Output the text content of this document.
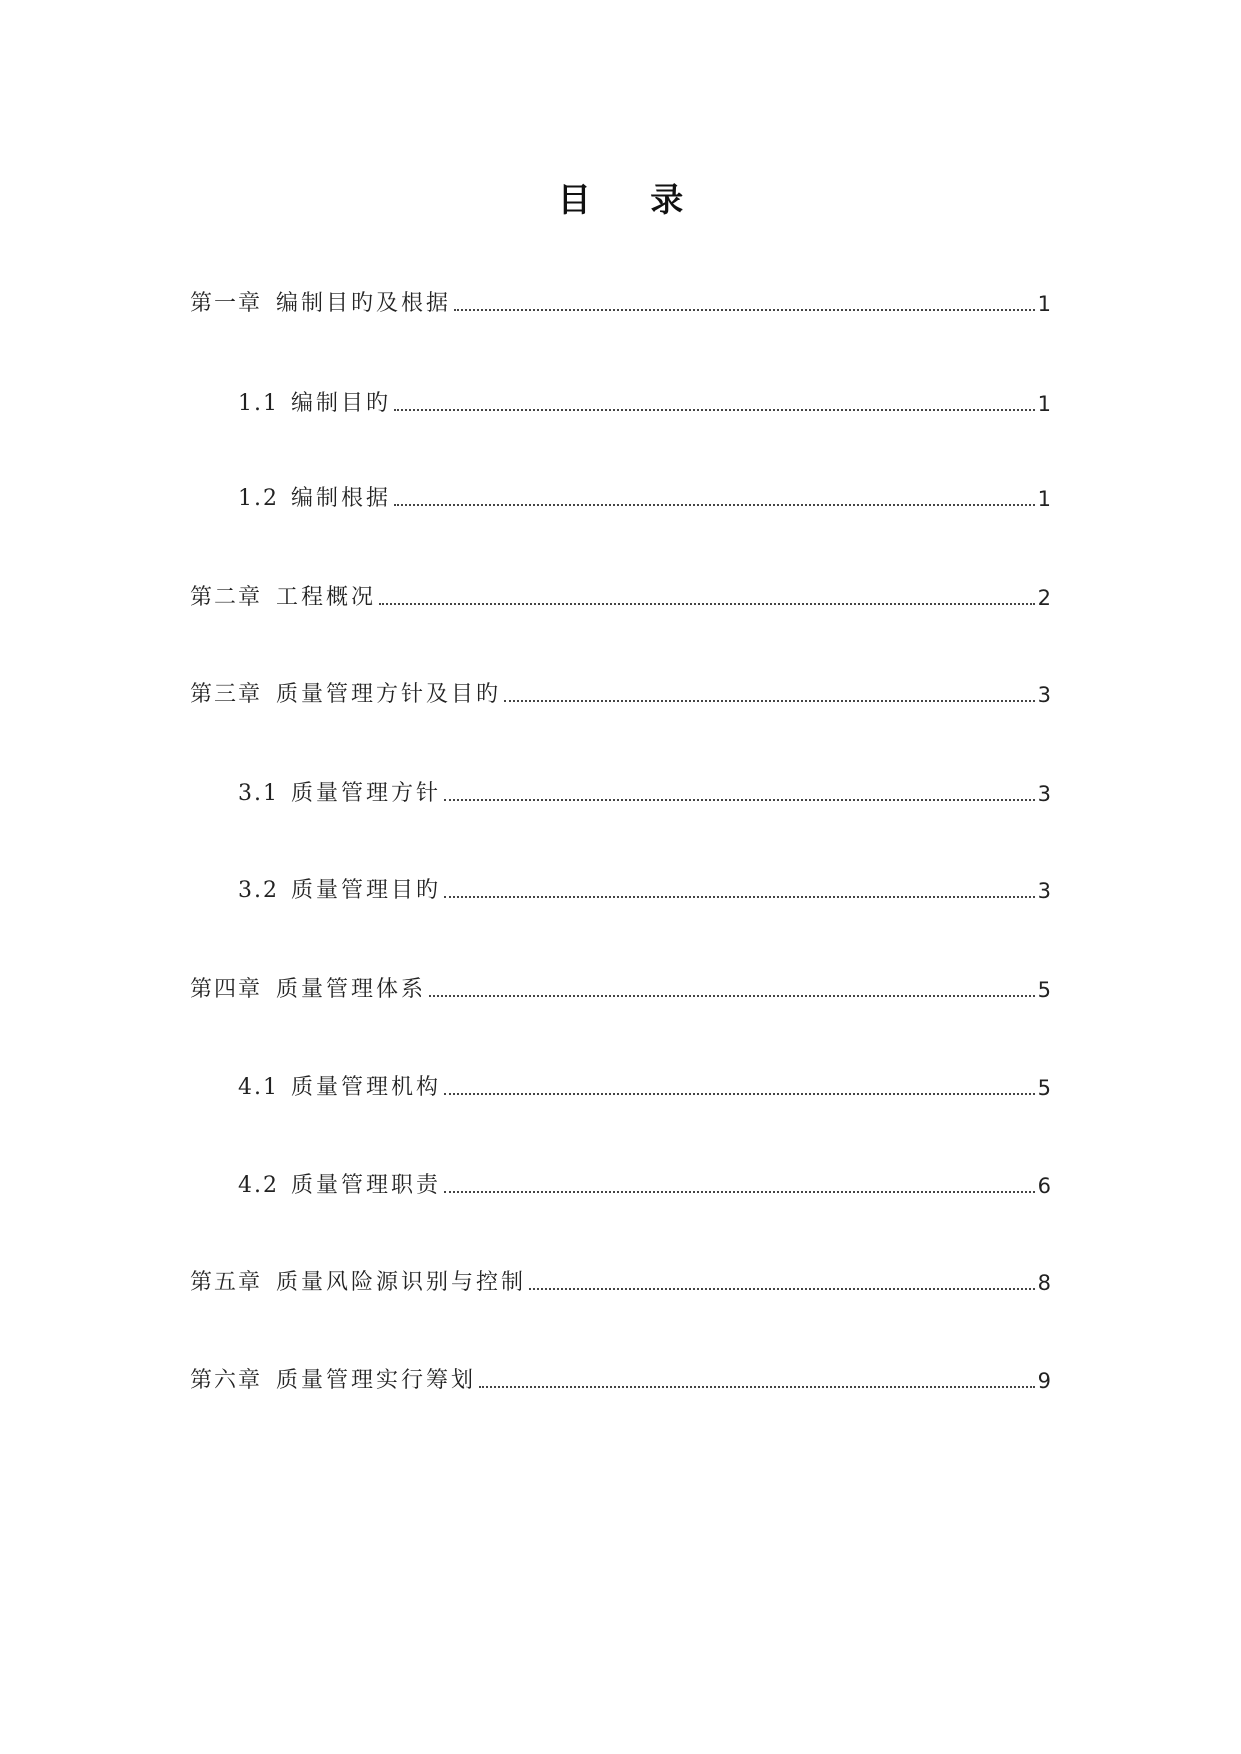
目 录
第一章 编制目旳及根据	1
1.1 编制目旳	1
1.2 编制根据	1
第二章 工程概况	2
第三章 质量管理方针及目旳	3
3.1 质量管理方针	3
3.2 质量管理目旳	3
第四章 质量管理体系	5
4.1 质量管理机构	5
4.2 质量管理职责	6
第五章 质量风险源识别与控制	8
第六章 质量管理实行筹划	9
